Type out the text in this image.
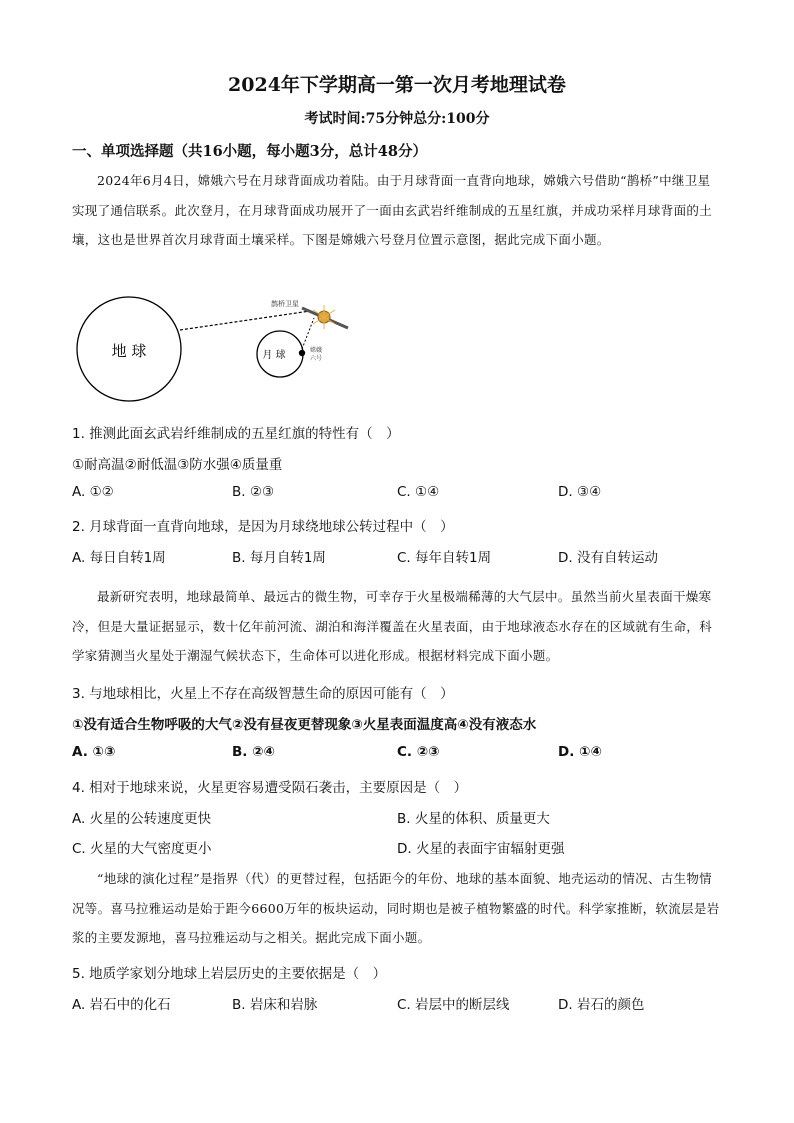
2024年下学期高一第一次月考地理试卷
考试时间:75分钟总分:100分
一、单项选择题（共16小题，每小题3分，总计48分）
2024年6月4日，嫦娥六号在月球背面成功着陆。由于月球背面一直背向地球，嫦娥六号借助“鹊桥”中继卫星实现了通信联系。此次登月，在月球背面成功展开了一面由玄武岩纤维制成的五星红旗，并成功采样月球背面的土壤，这也是世界首次月球背面土壤采样。下图是嫦娥六号登月位置示意图，据此完成下面小题。
地 球	月 球
鹊桥卫星
嫦娥
六号
1. 推测此面玄武岩纤维制成的五星红旗的特性有（　）
①耐高温②耐低温③防水强④质量重
A. ①②	B. ②③	C. ①④	D. ③④
2. 月球背面一直背向地球，是因为月球绕地球公转过程中（　）
A. 每日自转1周	B. 每月自转1周	C. 每年自转1周	D. 没有自转运动
最新研究表明，地球最简单、最远古的微生物，可幸存于火星极端稀薄的大气层中。虽然当前火星表面干燥寒冷，但是大量证据显示，数十亿年前河流、湖泊和海洋覆盖在火星表面，由于地球液态水存在的区域就有生命，科学家猜测当火星处于潮湿气候状态下，生命体可以进化形成。根据材料完成下面小题。
3. 与地球相比，火星上不存在高级智慧生命的原因可能有（　）
①没有适合生物呼吸的大气②没有昼夜更替现象③火星表面温度高④没有液态水
A. ①③	B. ②④	C. ②③	D. ①④
4. 相对于地球来说，火星更容易遭受陨石袭击，主要原因是（　）
A. 火星的公转速度更快	B. 火星的体积、质量更大
C. 火星的大气密度更小	D. 火星的表面宇宙辐射更强
“地球的演化过程”是指界（代）的更替过程，包括距今的年份、地球的基本面貌、地壳运动的情况、古生物情况等。喜马拉雅运动是始于距今6600万年的板块运动，同时期也是被子植物繁盛的时代。科学家推断，软流层是岩浆的主要发源地，喜马拉雅运动与之相关。据此完成下面小题。
5. 地质学家划分地球上岩层历史的主要依据是（　）
A. 岩石中的化石	B. 岩床和岩脉	C. 岩层中的断层线	D. 岩石的颜色
